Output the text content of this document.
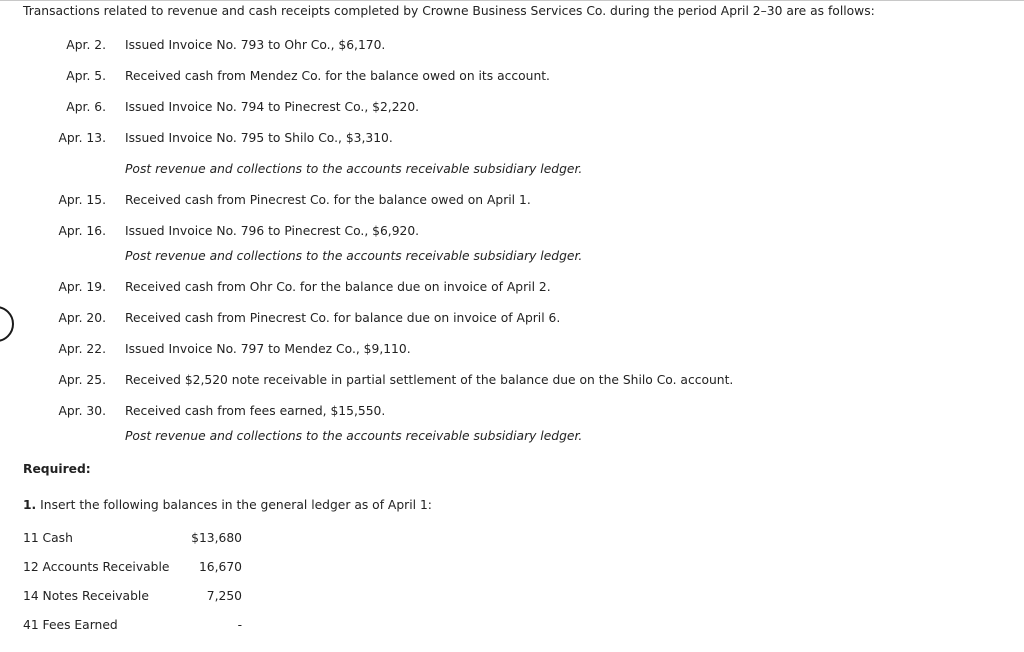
Transactions related to revenue and cash receipts completed by Crowne Business Services Co. during the period April 2–30 are as follows:
Apr. 2. Issued Invoice No. 793 to Ohr Co., $6,170.
Apr. 5. Received cash from Mendez Co. for the balance owed on its account.
Apr. 6. Issued Invoice No. 794 to Pinecrest Co., $2,220.
Apr. 13. Issued Invoice No. 795 to Shilo Co., $3,310.
Post revenue and collections to the accounts receivable subsidiary ledger.
Apr. 15. Received cash from Pinecrest Co. for the balance owed on April 1.
Apr. 16. Issued Invoice No. 796 to Pinecrest Co., $6,920.
Post revenue and collections to the accounts receivable subsidiary ledger.
Apr. 19. Received cash from Ohr Co. for the balance due on invoice of April 2.
Apr. 20. Received cash from Pinecrest Co. for balance due on invoice of April 6.
Apr. 22. Issued Invoice No. 797 to Mendez Co., $9,110.
Apr. 25. Received $2,520 note receivable in partial settlement of the balance due on the Shilo Co. account.
Apr. 30. Received cash from fees earned, $15,550.
Post revenue and collections to the accounts receivable subsidiary ledger.
Required:
1. Insert the following balances in the general ledger as of April 1:
11 Cash	$13,680
12 Accounts Receivable	16,670
14 Notes Receivable	7,250
41 Fees Earned	-
